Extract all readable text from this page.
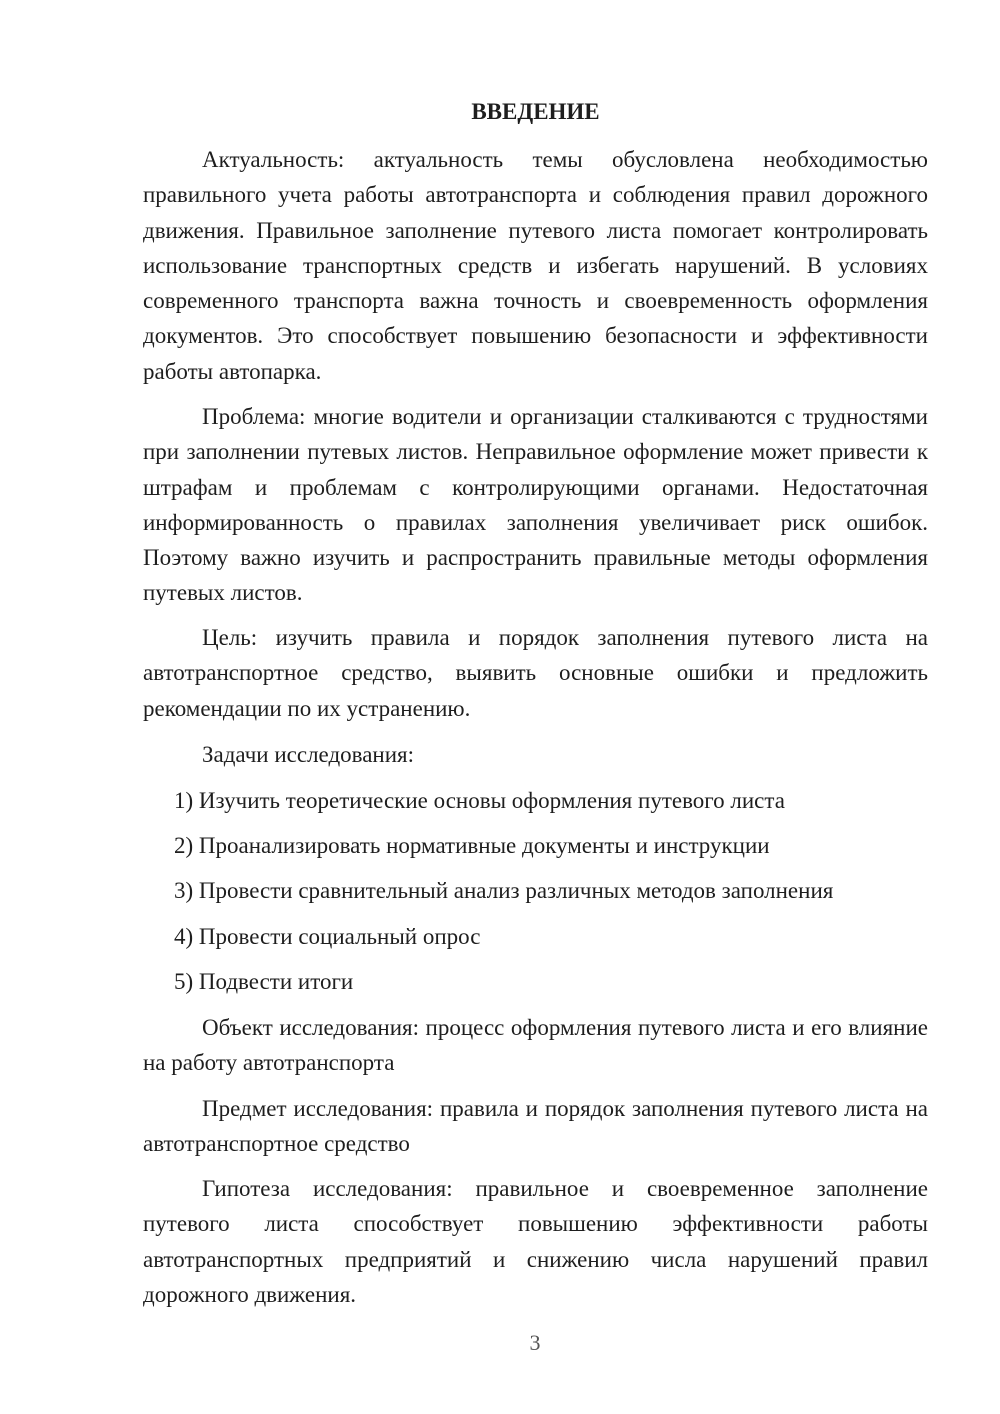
ВВЕДЕНИЕ

Актуальность: актуальность темы обусловлена необходимостью правильного учета работы автотранспорта и соблюдения правил дорожного движения. Правильное заполнение путевого листа помогает контролировать использование транспортных средств и избегать нарушений. В условиях современного транспорта важна точность и своевременность оформления документов. Это способствует повышению безопасности и эффективности работы автопарка.

Проблема: многие водители и организации сталкиваются с трудностями при заполнении путевых листов. Неправильное оформление может привести к штрафам и проблемам с контролирующими органами. Недостаточная информированность о правилах заполнения увеличивает риск ошибок. Поэтому важно изучить и распространить правильные методы оформления путевых листов.

Цель: изучить правила и порядок заполнения путевого листа на автотранспортное средство, выявить основные ошибки и предложить рекомендации по их устранению.

Задачи исследования:

1) Изучить теоретические основы оформления путевого листа

2) Проанализировать нормативные документы и инструкции

3) Провести сравнительный анализ различных методов заполнения

4) Провести социальный опрос

5) Подвести итоги

Объект исследования: процесс оформления путевого листа и его влияние на работу автотранспорта

Предмет исследования: правила и порядок заполнения путевого листа на автотранспортное средство

Гипотеза исследования: правильное и своевременное заполнение путевого листа способствует повышению эффективности работы автотранспортных предприятий и снижению числа нарушений правил дорожного движения.

3
